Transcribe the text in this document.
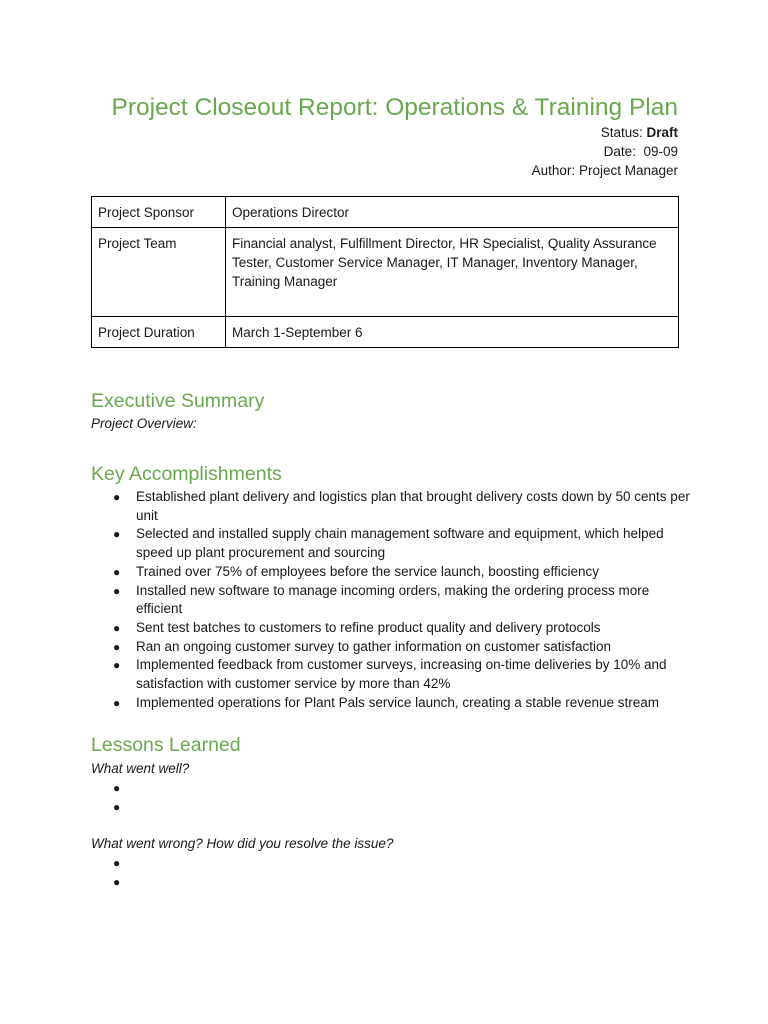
Project Closeout Report: Operations & Training Plan
Status: Draft
Date: 09-09
Author: Project Manager
Project Sponsor	Operations Director
Project Team	Financial analyst, Fulfillment Director, HR Specialist, Quality Assurance Tester, Customer Service Manager, IT Manager, Inventory Manager, Training Manager
Project Duration	March 1-September 6
Executive Summary
Project Overview:
Key Accomplishments
● Established plant delivery and logistics plan that brought delivery costs down by 50 cents per unit
● Selected and installed supply chain management software and equipment, which helped speed up plant procurement and sourcing
● Trained over 75% of employees before the service launch, boosting efficiency
● Installed new software to manage incoming orders, making the ordering process more efficient
● Sent test batches to customers to refine product quality and delivery protocols
● Ran an ongoing customer survey to gather information on customer satisfaction
● Implemented feedback from customer surveys, increasing on-time deliveries by 10% and satisfaction with customer service by more than 42%
● Implemented operations for Plant Pals service launch, creating a stable revenue stream
Lessons Learned
What went well?
●
●
What went wrong? How did you resolve the issue?
●
●
